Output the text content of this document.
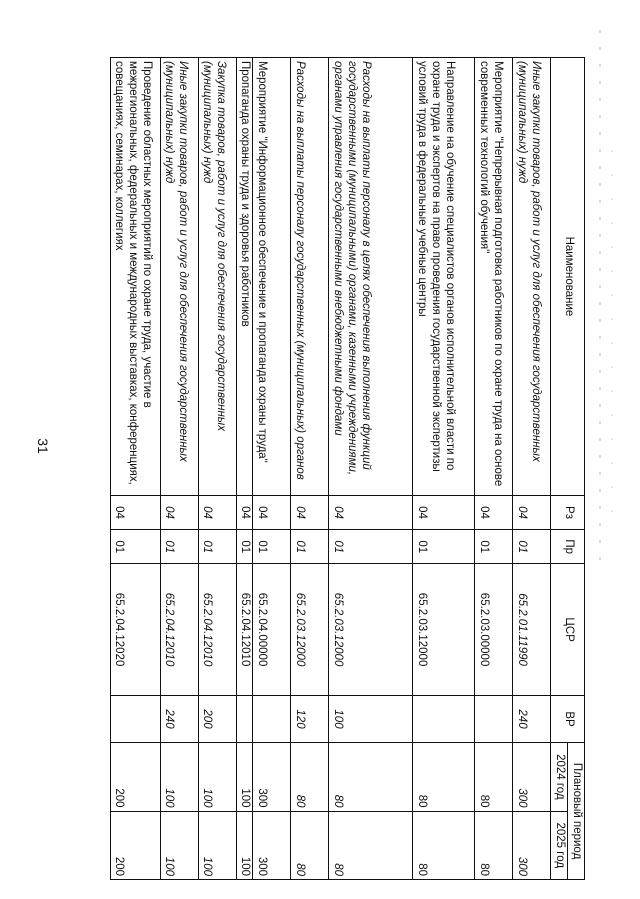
31
Наименование	Рз	Пр	ЦСР	ВР	Плановый период	
					2024 год	2025 год
Иные закупки товаров, работ и услуг для обеспечения государственных (муниципальных) нужд	04	01	65.2.01.11990	240	300	300
Мероприятие "Непрерывная подготовка работников по охране труда на основе современных технологий обучения"	04	01	65.2.03.00000		80	80
Направление на обучение специалистов органов исполнительной власти по охране труда и экспертов на право проведения государственной экспертизы условий труда в федеральные учебные центры	04	01	65.2.03.12000		80	80
Расходы на выплаты персоналу в целях обеспечения выполнения функций государственными (муниципальными) органами, казенными учреждениями, органами управления государственными внебюджетными фондами	04	01	65.2.03.12000	100	80	80
Расходы на выплаты персоналу государственных (муниципальных) органов	04	01	65.2.03.12000	120	80	80
Мероприятие "Информационное обеспечение и пропаганда охраны труда"	04	01	65.2.04.00000		300	300
Пропаганда охраны труда и здоровья работников	04	01	65.2.04.12010		100	100
Закупка товаров, работ и услуг для обеспечения государственных (муниципальных) нужд	04	01	65.2.04.12010	200	100	100
Иные закупки товаров, работ и услуг для обеспечения государственных (муниципальных) нужд	04	01	65.2.04.12010	240	100	100
Проведение областных мероприятий по охране труда, участие в межрегиональных, федеральных и международных выставках, конференциях, совещаниях, семинарах, коллегиях	04	01	65.2.04.12020		200	200
